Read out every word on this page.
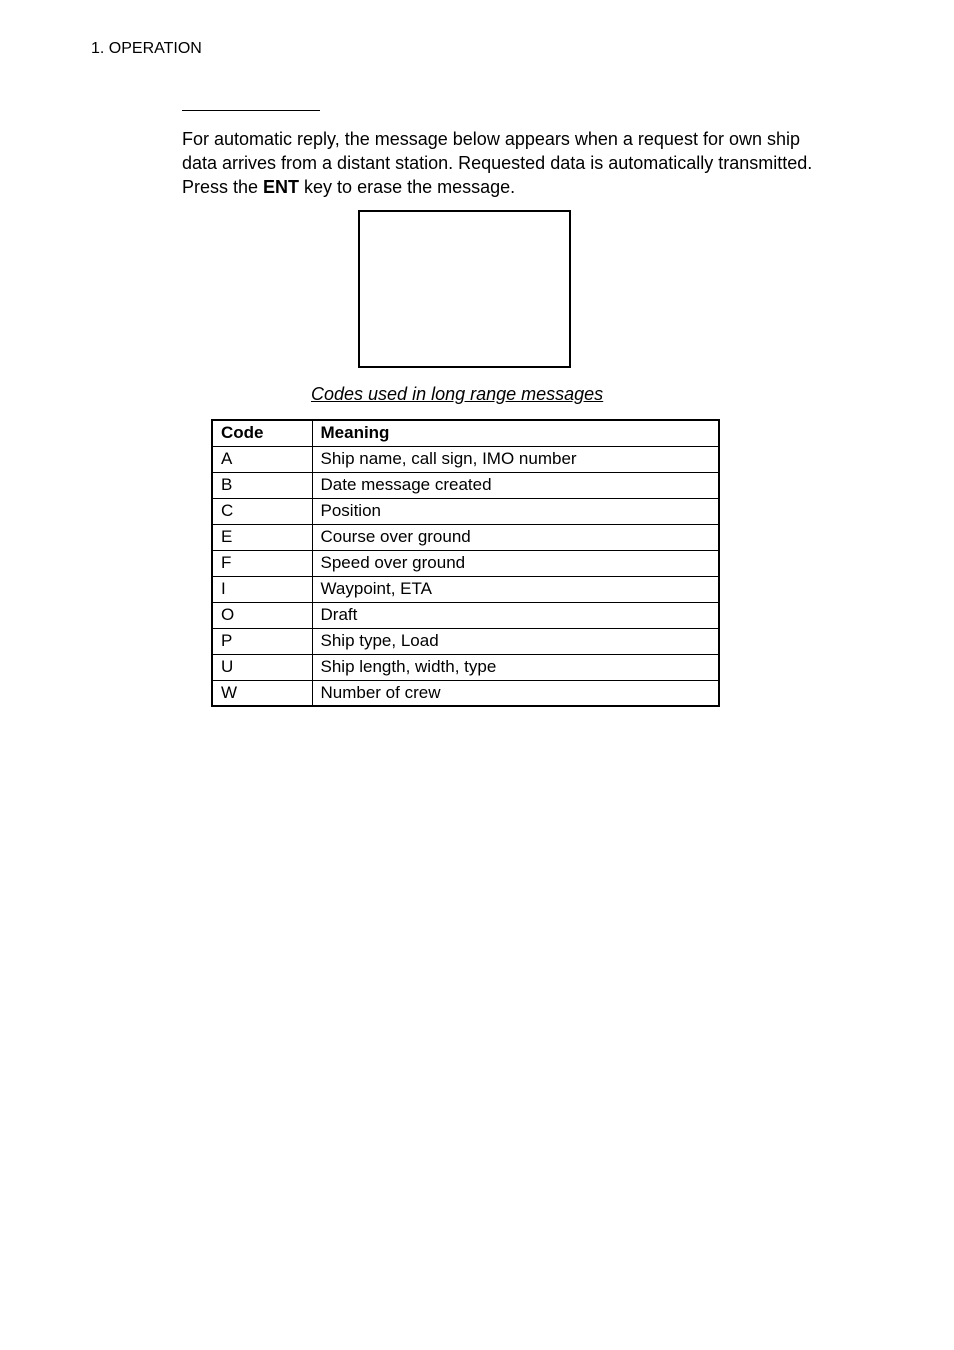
1. OPERATION

For automatic reply, the message below appears when a request for own ship
data arrives from a distant station. Requested data is automatically transmitted.
Press the ENT key to erase the message.

Codes used in long range messages
Code	Meaning
A	Ship name, call sign, IMO number
B	Date message created
C	Position
E	Course over ground
F	Speed over ground
I	Waypoint, ETA
O	Draft
P	Ship type, Load
U	Ship length, width, type
W	Number of crew
